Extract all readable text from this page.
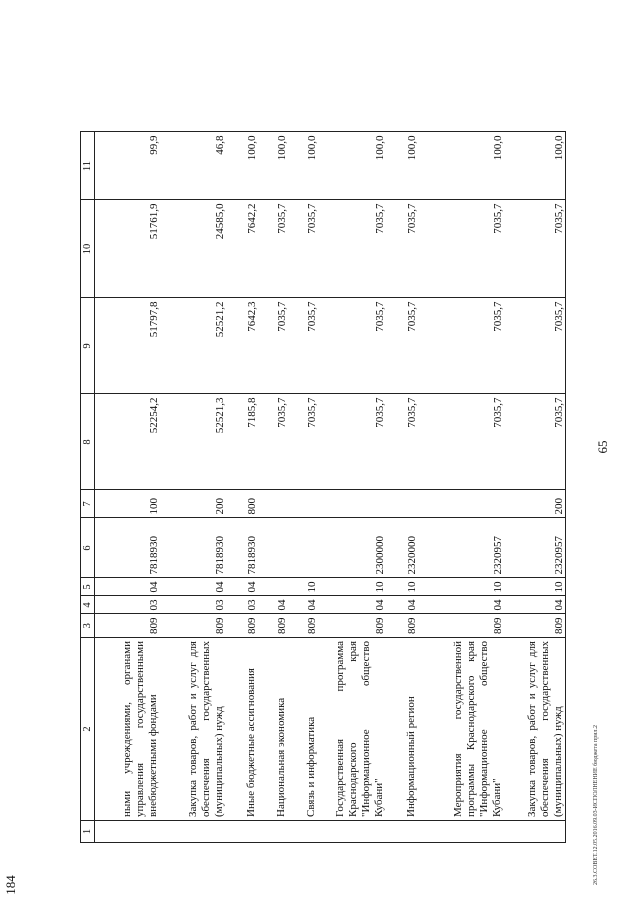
65
184	26.3.СОВЕТ.12.05.2016.09.03-ИСПОЛНЕНИЕ бюджета прил.2
1	2	3	4	5	6	7	8	9	10	11
	ными учреждениями, органами управления государственными внебюджетными фондами	809	03	04	7818930	100	52254,2	51797,8	51761,9	99,9
	Закупка товаров, работ и услуг для обеспечения государственных (муниципальных) нужд	809	03	04	7818930	200	52521,3	52521,2	24585,0	46,8
	Иные бюджетные ассигнования	809	03	04	7818930	800	7185,8	7642,3	7642,2	100,0
	Национальная экономика	809	04				7035,7	7035,7	7035,7	100,0
	Связь и информатика	809	04	10			7035,7	7035,7	7035,7	100,0
	Государственная программа Краснодарского края "Информационное общество Кубани"	809	04	10	2300000		7035,7	7035,7	7035,7	100,0
	Информационный регион	809	04	10	2320000		7035,7	7035,7	7035,7	100,0
	Мероприятия государственной программы Краснодарского края "Информационное общество Кубани"	809	04	10	2320957		7035,7	7035,7	7035,7	100,0
	Закупка товаров, работ и услуг для обеспечения государственных (муниципальных) нужд	809	04	10	2320957	200	7035,7	7035,7	7035,7	100,0
